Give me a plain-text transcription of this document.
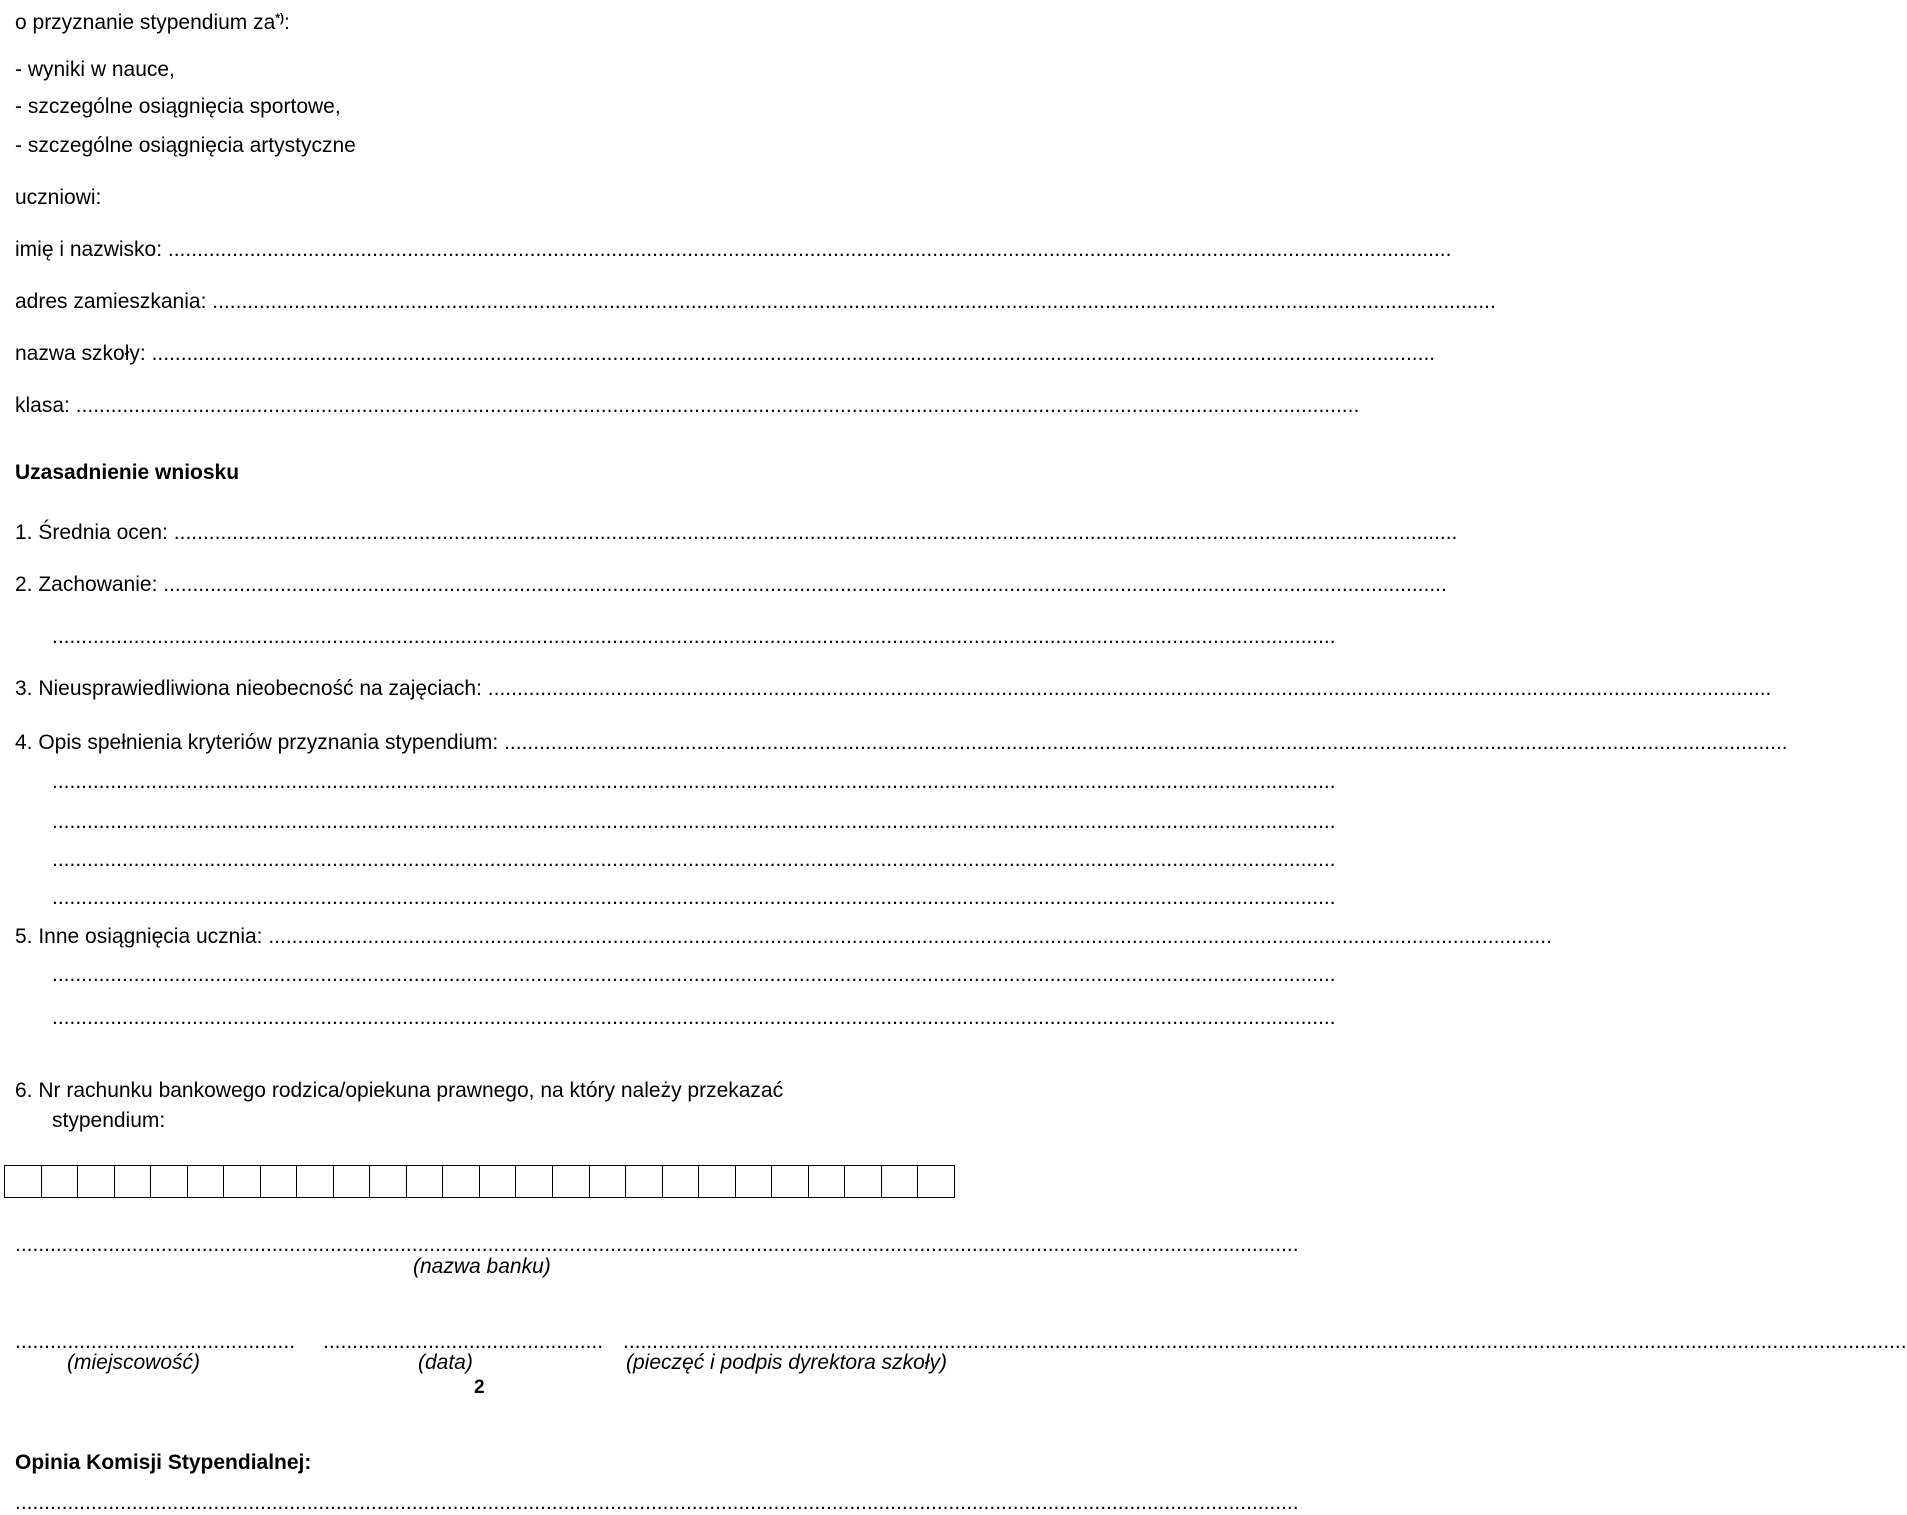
o przyznanie stypendium za*):
- wyniki w nauce,
- szczególne osiągnięcia sportowe,
- szczególne osiągnięcia artystyczne
uczniowi:
imię i nazwisko: ............................................................................................................................................................................................................................
adres zamieszkania: ............................................................................................................................................................................................................................
nazwa szkoły: ............................................................................................................................................................................................................................
klasa: ............................................................................................................................................................................................................................
Uzasadnienie wniosku
1. Średnia ocen: ............................................................................................................................................................................................................................
2. Zachowanie: ............................................................................................................................................................................................................................
............................................................................................................................................................................................................................
3. Nieusprawiedliwiona nieobecność na zajęciach: ............................................................................................................................................................................................................................
4. Opis spełnienia kryteriów przyznania stypendium: ............................................................................................................................................................................................................................
............................................................................................................................................................................................................................
............................................................................................................................................................................................................................
............................................................................................................................................................................................................................
............................................................................................................................................................................................................................
5. Inne osiągnięcia ucznia: ............................................................................................................................................................................................................................
............................................................................................................................................................................................................................
............................................................................................................................................................................................................................
6. Nr rachunku bankowego rodzica/opiekuna prawnego, na który należy przekazać
stypendium:
............................................................................................................................................................................................................................
(nazwa banku)
................................................ ................................................ ............................................................................................................................................................................................................................
(miejscowość)	(data)	(pieczęć i podpis dyrektora szkoły)
2
Opinia Komisji Stypendialnej:
............................................................................................................................................................................................................................
